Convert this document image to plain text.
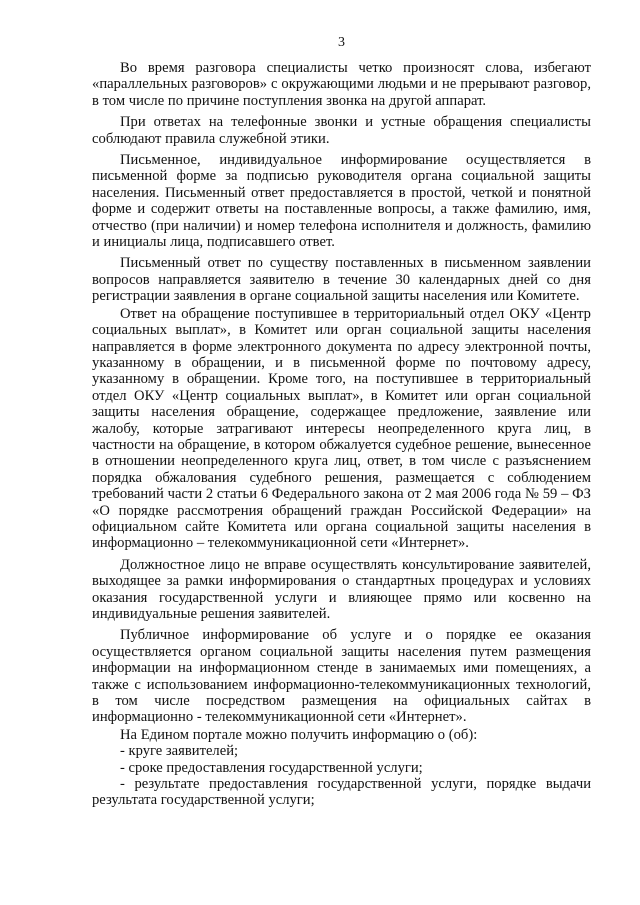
3

Во время разговора специалисты четко произносят слова, избегают «параллельных разговоров» с окружающими людьми и не прерывают разговор, в том числе по причине поступления звонка на другой аппарат.

При ответах на телефонные звонки и устные обращения специалисты соблюдают правила служебной этики.

Письменное, индивидуальное информирование осуществляется в письменной форме за подписью руководителя органа социальной защиты населения. Письменный ответ предоставляется в простой, четкой и понятной форме и содержит ответы на поставленные вопросы, а также фамилию, имя, отчество (при наличии) и номер телефона исполнителя и должность, фамилию и инициалы лица, подписавшего ответ.

Письменный ответ по существу поставленных в письменном заявлении вопросов направляется заявителю в течение 30 календарных дней со дня регистрации заявления в органе социальной защиты населения или Комитете.

Ответ на обращение поступившее в территориальный отдел ОКУ «Центр социальных выплат», в Комитет или орган социальной защиты населения направляется в форме электронного документа по адресу электронной почты, указанному в обращении, и в письменной форме по почтовому адресу, указанному в обращении. Кроме того, на поступившее в территориальный отдел ОКУ «Центр социальных выплат», в Комитет или орган социальной защиты населения обращение, содержащее предложение, заявление или жалобу, которые затрагивают интересы неопределенного круга лиц, в частности на обращение, в котором обжалуется судебное решение, вынесенное в отношении неопределенного круга лиц, ответ, в том числе с разъяснением порядка обжалования судебного решения, размещается с соблюдением требований части 2 статьи 6 Федерального закона от 2 мая 2006 года № 59 – ФЗ «О порядке рассмотрения обращений граждан Российской Федерации» на официальном сайте Комитета или органа социальной защиты населения в информационно – телекоммуникационной сети «Интернет».

Должностное лицо не вправе осуществлять консультирование заявителей, выходящее за рамки информирования о стандартных процедурах и условиях оказания государственной услуги и влияющее прямо или косвенно на индивидуальные решения заявителей.

Публичное информирование об услуге и о порядке ее оказания осуществляется органом социальной защиты населения путем размещения информации на информационном стенде в занимаемых ими помещениях, а также с использованием информационно-телекоммуникационных технологий, в том числе посредством размещения на официальных сайтах в информационно - телекоммуникационной сети «Интернет».

На Едином портале можно получить информацию о (об):

- круге заявителей;

- сроке предоставления государственной услуги;

- результате предоставления государственной услуги, порядке выдачи результата государственной услуги;
